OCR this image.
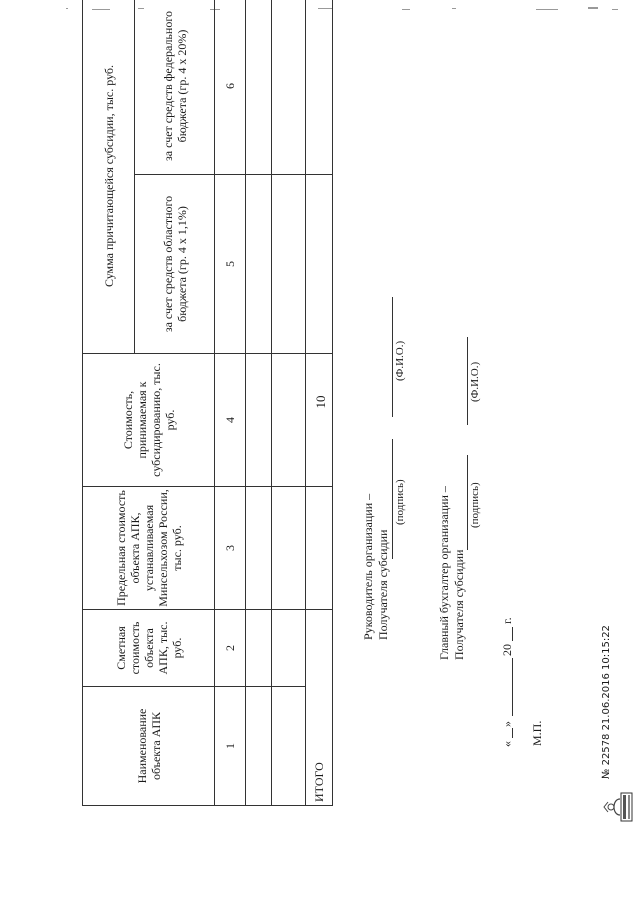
10
Наименование объекта АПК
Сметная стоимость объекта АПК, тыс. руб.
Предельная стоимость объекта АПК, устанавливаемая Минсельхозом России, тыс. руб.
Стоимость, принимаемая к субсидированию, тыс. руб.
Сумма причитающейся субсидии, тыс. руб.	за счет средств областного бюджета (гр. 4 х 1,1%)
за счет средств федерального бюджета (гр. 4 х 20%)
1
2
3
4
5
6
ИТОГО
Руководитель организации – Получателя субсидии
(подпись)
(Ф.И.О.)
Главный бухгалтер организации – Получателя субсидии
(подпись)
(Ф.И.О.)
«
»
20
г.
М.П.	№ 22578 21.06.2016 10:15:22
